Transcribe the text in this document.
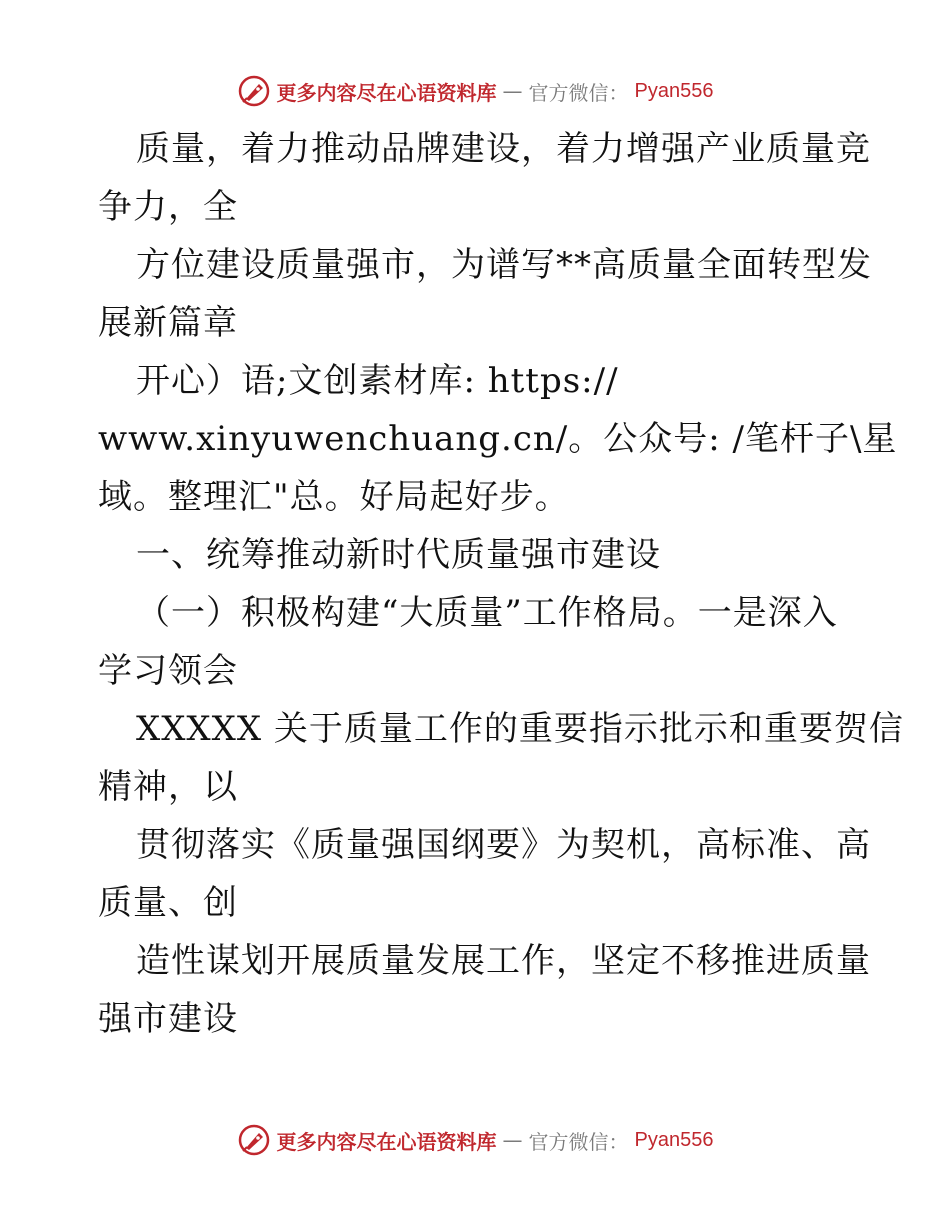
更多内容尽在心语资料库 — 官方微信： Pyan556
质量，着力推动品牌建设，着力增强产业质量竞
争力，全
方位建设质量强市，为谱写**高质量全面转型发
展新篇章
开心）语;文创素材库: https://
www.xinyuwenchuang.cn/。公众号: /笔杆子\星
域。整理汇"总。好局起好步。
一、统筹推动新时代质量强市建设
（一）积极构建“大质量”工作格局。一是深入
学习领会
XXXXX 关于质量工作的重要指示批示和重要贺信
精神，以
贯彻落实《质量强国纲要》为契机，高标准、高
质量、创
造性谋划开展质量发展工作，坚定不移推进质量
强市建设
更多内容尽在心语资料库 — 官方微信： Pyan556
